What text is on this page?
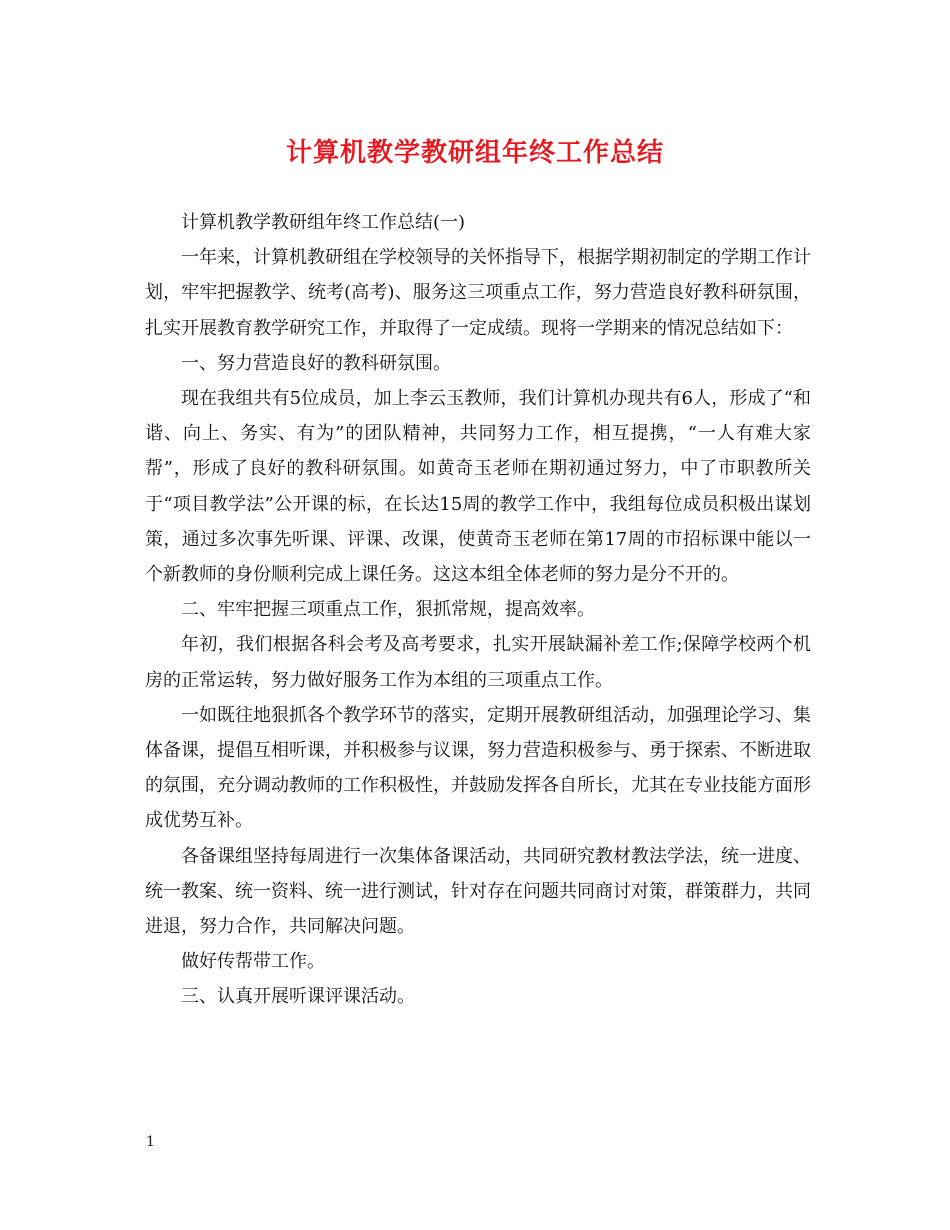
计算机教学教研组年终工作总结

计算机教学教研组年终工作总结(一)

一年来，计算机教研组在学校领导的关怀指导下，根据学期初制定的学期工作计划，牢牢把握教学、统考(高考)、服务这三项重点工作，努力营造良好教科研氛围，扎实开展教育教学研究工作，并取得了一定成绩。现将一学期来的情况总结如下：

一、努力营造良好的教科研氛围。

现在我组共有5位成员，加上李云玉教师，我们计算机办现共有6人，形成了“和谐、向上、务实、有为”的团队精神，共同努力工作，相互提携，“一人有难大家帮”，形成了良好的教科研氛围。如黄奇玉老师在期初通过努力，中了市职教所关于“项目教学法”公开课的标，在长达15周的教学工作中，我组每位成员积极出谋划策，通过多次事先听课、评课、改课，使黄奇玉老师在第17周的市招标课中能以一个新教师的身份顺利完成上课任务。这这本组全体老师的努力是分不开的。

二、牢牢把握三项重点工作，狠抓常规，提高效率。

年初，我们根据各科会考及高考要求，扎实开展缺漏补差工作;保障学校两个机房的正常运转，努力做好服务工作为本组的三项重点工作。

一如既往地狠抓各个教学环节的落实，定期开展教研组活动，加强理论学习、集体备课，提倡互相听课，并积极参与议课，努力营造积极参与、勇于探索、不断进取的氛围，充分调动教师的工作积极性，并鼓励发挥各自所长，尤其在专业技能方面形成优势互补。

各备课组坚持每周进行一次集体备课活动，共同研究教材教法学法，统一进度、统一教案、统一资料、统一进行测试，针对存在问题共同商讨对策，群策群力，共同进退，努力合作，共同解决问题。

做好传帮带工作。

三、认真开展听课评课活动。

1
